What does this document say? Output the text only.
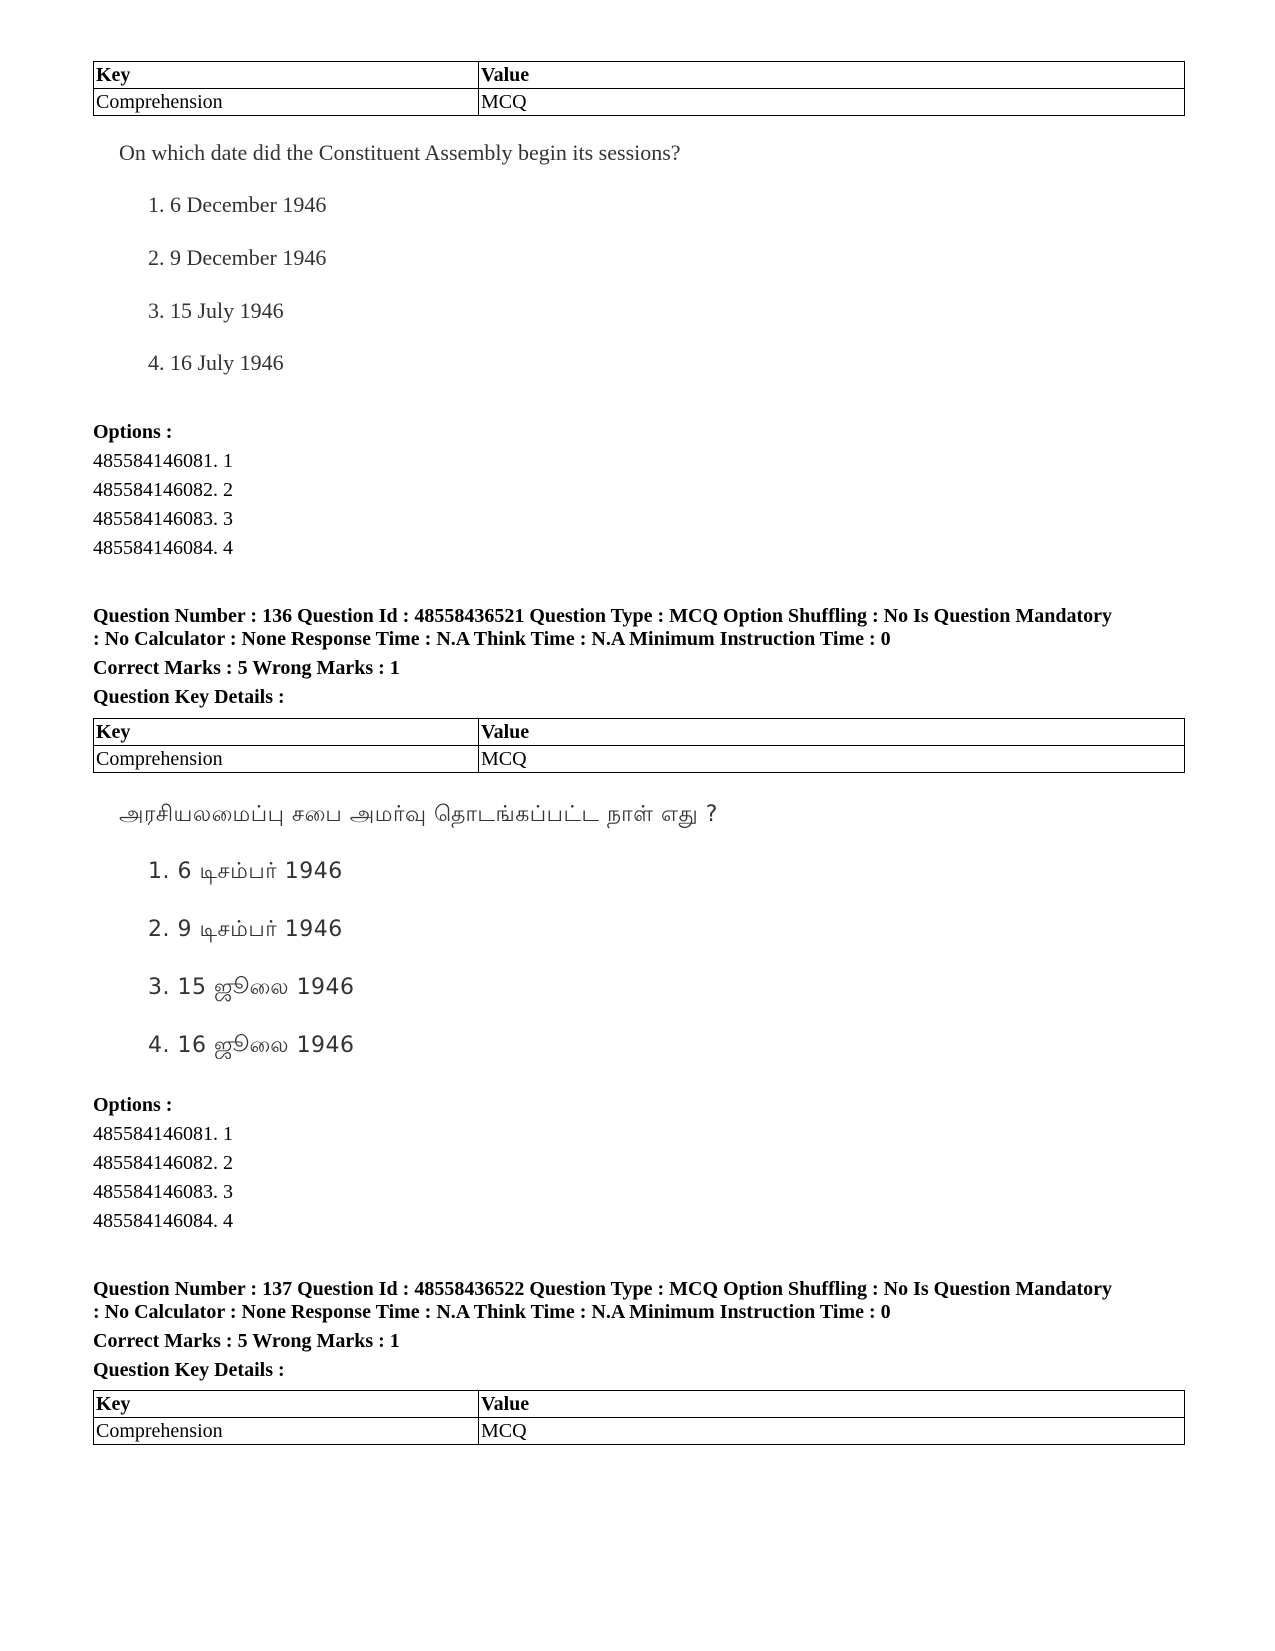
Key	Value
Comprehension	MCQ
On which date did the Constituent Assembly begin its sessions?
1. 6 December 1946
2. 9 December 1946
3. 15 July 1946
4. 16 July 1946
Options :
485584146081. 1
485584146082. 2
485584146083. 3
485584146084. 4
Question Number : 136 Question Id : 48558436521 Question Type : MCQ Option Shuffling : No Is Question Mandatory
: No Calculator : None Response Time : N.A Think Time : N.A Minimum Instruction Time : 0
Correct Marks : 5 Wrong Marks : 1
Question Key Details :
Key	Value
Comprehension	MCQ
அரசியலமைப்பு சபை அமர்வு தொடங்கப்பட்ட நாள் எது ?
1. 6 டிசம்பர் 1946
2. 9 டிசம்பர் 1946
3. 15 ஜூலை 1946
4. 16 ஜூலை 1946
Options :
485584146081. 1
485584146082. 2
485584146083. 3
485584146084. 4
Question Number : 137 Question Id : 48558436522 Question Type : MCQ Option Shuffling : No Is Question Mandatory
: No Calculator : None Response Time : N.A Think Time : N.A Minimum Instruction Time : 0
Correct Marks : 5 Wrong Marks : 1
Question Key Details :
Key	Value
Comprehension	MCQ
